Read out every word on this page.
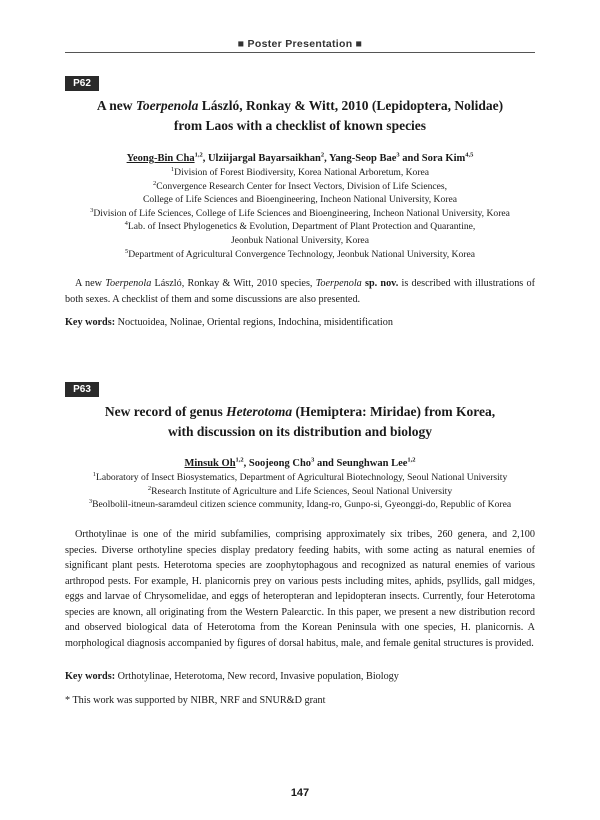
■ Poster Presentation ■
P62
A new Toerpenola László, Ronkay & Witt, 2010 (Lepidoptera, Nolidae)
from Laos with a checklist of known species
Yeong-Bin Cha$^{1,2}$, Ulziijargal Bayarsaikhan$^2$, Yang-Seop Bae$^3$ and Sora Kim$^{4,5}$
$^1$Division of Forest Biodiversity, Korea National Arboretum, Korea
$^2$Convergence Research Center for Insect Vectors, Division of Life Sciences,
College of Life Sciences and Bioengineering, Incheon National University, Korea
$^3$Division of Life Sciences, College of Life Sciences and Bioengineering, Incheon National University, Korea
$^4$Lab. of Insect Phylogenetics & Evolution, Department of Plant Protection and Quarantine,
Jeonbuk National University, Korea
$^5$Department of Agricultural Convergence Technology, Jeonbuk National University, Korea

A new Toerpenola László, Ronkay & Witt, 2010 species, Toerpenola sp. nov. is described with illustrations of both sexes. A checklist of them and some discussions are also presented.

Key words: Noctuoidea, Nolinae, Oriental regions, Indochina, misidentification
P63
New record of genus Heterotoma (Hemiptera: Miridae) from Korea,
with discussion on its distribution and biology
Minsuk Oh$^{1,2}$, Soojeong Cho$^3$ and Seunghwan Lee$^{1,2}$
$^1$Laboratory of Insect Biosystematics, Department of Agricultural Biotechnology, Seoul National University
$^2$Research Institute of Agriculture and Life Sciences, Seoul National University
$^3$Beolbolil-itneun-saramdeul citizen science community, Idang-ro, Gunpo-si, Gyeonggi-do, Republic of Korea

Orthotylinae is one of the mirid subfamilies, comprising approximately six tribes, 260 genera, and 2,100 species. Diverse orthotyline species display predatory feeding habits, with some acting as natural enemies of significant plant pests. Heterotoma species are zoophytophagous and recognized as natural enemies of various arthropod pests. For example, H. planicornis prey on various pests including mites, aphids, psyllids, gall midges, eggs and larvae of Chrysomelidae, and eggs of heteropteran and lepidopteran insects. Currently, four Heterotoma species are known, all originating from the Western Palearctic. In this paper, we present a new distribution record and observed biological data of Heterotoma from the Korean Peninsula with one species, H. planicornis. A morphological diagnosis accompanied by figures of dorsal habitus, male, and female genital structures is provided.

Key words: Orthotylinae, Heterotoma, New record, Invasive population, Biology
* This work was supported by NIBR, NRF and SNUR&D grant
147
